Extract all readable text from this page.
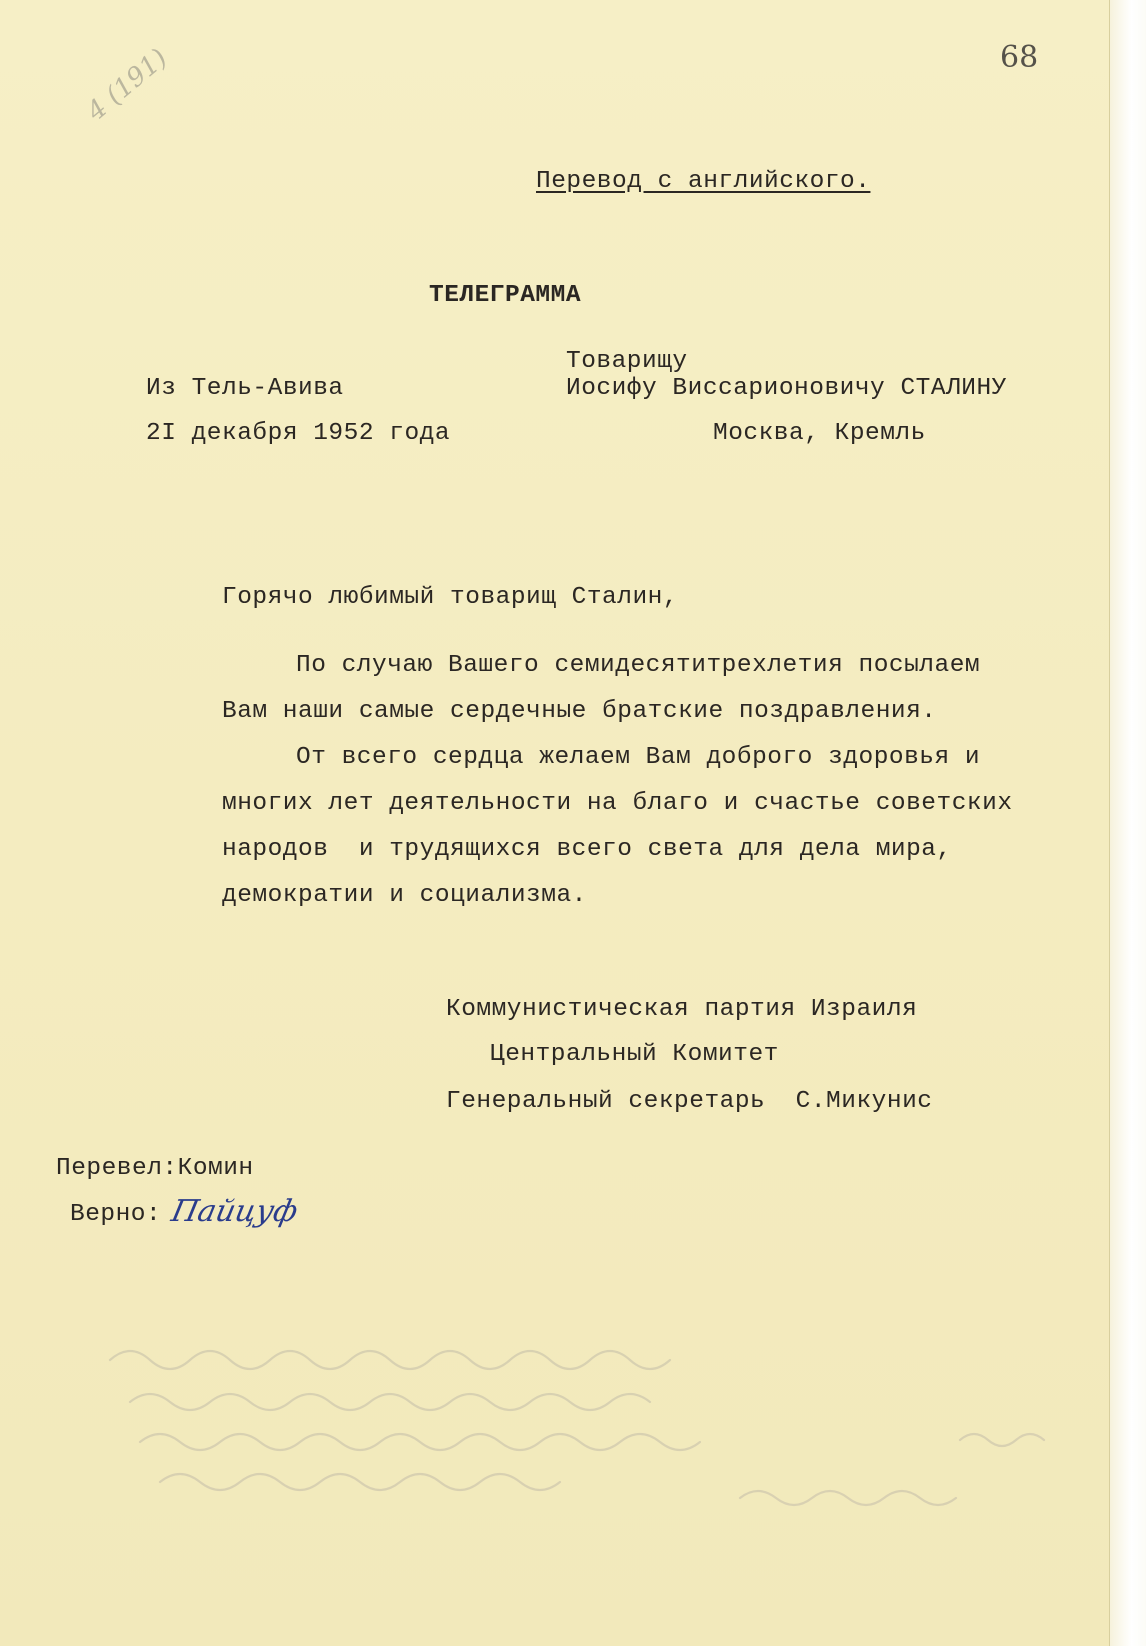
68
4 (191)
Перевод с английского.
ТЕЛЕГРАММА
Товарищу
Из Тель-Авива	Иосифу Виссарионовичу СТАЛИНУ
2I декабря 1952 года	Москва, Кремль
Горячо любимый товарищ Сталин,
По случаю Вашего семидесятитрехлетия посылаем
Вам наши самые сердечные братские поздравления.
От всего сердца желаем Вам доброго здоровья и
многих лет деятельности на благо и счастье советских
народов  и трудящихся всего света для дела мира,
демократии и социализма.
Коммунистическая партия Израиля
Центральный Комитет
Генеральный секретарь  С.Микунис
Перевел:Комин
Верно: Пайцуф
